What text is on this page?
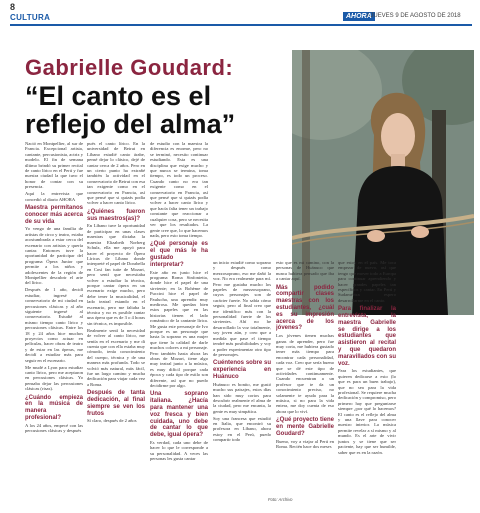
8
CULTURA	AHORA
/ JUEVES 9 DE AGOSTO DE 2018
Gabrielle Goudard:
“El canto es el reflejo del alma”

Nació en Montpellier, al sur de Francia. Excepcional artista, cantante, percusionista, actriz y modelo. El fin de semana último brindó su primer recital de canto lírico en el Perú y fue nuestra ciudad la que tuvo el honor de contar con su presencia.

Aquí la entrevista que concedió al diario AHORA

Maestra permítanos conocer más acerca de su vida

Yo vengo de una familia de artistas de circo y teatro, estaba acostumbrada a estar cerca del escenario con artistas y quería cantar. Entonces tuve la oportunidad de participar del programa Ópera Junior que permite a los niños y adolescentes de la región de Montpellier descubrir el arte del lírico.

Después de 1 año, decidí estudiar, ingresé al conservatorio de mi ciudad en percusiones clásicas y al año siguiente ingresé al conservatorio. Estudié al mismo tiempo canto lírico y percusiones clásicas. Entre los 18 y 24 años hice muchos proyectos como actuar en películas, hacer obras de teatro y de estar en las óperas, me decidí a estudiar más para seguir en el escenario.

Me mudé a Lyon para estudiar canto lírico, pero me aceptaron en percusiones clásicas. Yo pensaba dejar las percusiones clásicas (risas).

¿Cuándo empieza en la música de manera profesional?

A los 24 años, empecé con las percusiones clásicas y después

pués el canto lírico. En la universidad de Beirut en Líbano estudié canto árabe, pensé dejar lo clásico, dejé de cantar cerca de 2 años. Pero en un cierto punto ha extrañé también la actividad en el conservatorio de Beirut con esa tan exigente como en el conservatorio en Francia, así que pensé que si quizás podía volver a hacer canto lírico.

¿Quiénes fueron sus maestros(as)?

En Líbano tuve la oportunidad de participar en unas clases maestras que dictaba la maestra Elizabeth Norberg Schulz, ella me apoyó para hacer el proyecto de Ópera Líricas de Líbano donde interpreté el papel de Dorabella en Così fan tutte de Mozart, pero sentí que necesitaba volver a estudiar la técnica, porque cantar ópera en un escenario exige mucho, pero debe tener la musicalidad, el lado teatral estando en el escenario, pero me faltaba la técnica y no es posible cantar una ópera que es de 3 o 4 horas sin técnica, es imposible.

Realmente sentí la necesidad de volver al canto lírico, me sentía en el escenario y me di cuenta que con ella estaba muy cómodo, tenía conocimiento del cuerpo, técnica y de una manera más profunda. Todo se volvió más natural, más fácil, fue un largo camino y mucha dedicación para viajar cada vez a Roma.

Después de tanta dedicación, al final siempre se ven los frutos

Sí claro, después de 2 años

de estudio con la maestra la diferencia es enorme, pero no se terminó, necesito continuar estudiando. Esta es una disciplina que exige mucho y que nunca se termina, toma tiempo, es todo un proceso. Cuando canto no era tan exigente como en el conservatorio en Francia, así que pensé que si quizás podía volver a hacer canto lírico y que hacía falta tener un trabajo constante que reaccionar a cualquier cosa, pero se necesita ver que los resultados. La gente cree que, lo que hacemos nada, pero esto toma tiempo.

¿Qué personaje es el que más le ha gustado interpretar?

Este año en junio hice el programa Roma Sinfonietta, donde hice el papel de una sirviente; en la Bohème de Puccini hice el papel de Paulucha, una aprendiz muy medirosa. Me quedan bien estos papeles que en las historias tienen el lado romántico de la cantante lírica. Me gusta este personaje de Ivo porque es un personaje que hasta la soprano es una mujer que tiene la calidad de darle muchos colores a mi personaje. Pero también hasta ahora las obras de Mozart, tiene algo muy teatral junto a la música, es muy difícil porque cada época y cada tipo de estilo son diferente, así que no puedo decidirme por algo.

Una soprano italiana. ¿Hacía para mantener una voz fresca y bien cuidada, uno debe de cantar lo que debe, igual ópera?

Es verdad, cada uno debe de hacer lo que le corresponde a su personalidad. A veces las personas les gusta cantar

un inicio estudié como soprano y después como mezzosoprano, eso me dañó la voz. No era realmente para mí. Pero me gustaba mucho los papeles de mezzosoprano, cuyos personajes son de carácter fuerte. No sabía cómo seguir, pero al final creo que me identifico más con la personalidad fuerte de los sirvientes. Ahí no he desarrollado la voz totalmente, soy joven aún, y creo que a medida que pase el tiempo tendré más posibilidades y voy a poder experimentar otro tipo de personajes.

Cuéntenos sobre su experiencia en Huánuco

Huánuco es bonito, me gustó mucho sus paisajes, estos días han sido muy cortos para descubrir realmente el alma de la ciudad, pero me encanta, la gente es muy simpática.

Soy una francesa que estudió en Italia, que encontró su profesora en Líbano, ahora estoy en el Perú, puedo compartir todo

esto que es mi camino, con la personas de Huánuco que nunca hubiera pensado que iba a cantar aquí.

Más podido compartir clases maestras con los estudiantes, ¿cuál es su impresión acerca de los jóvenes?

Los jóvenes tienen muchas ganas de aprender, pero fue muy corta, me hubiera gustado tener más tiempo para encontrar cada personalidad, cada voz. Creo que sería bueno que se dé este tipo de actividades continuamente. Cuando encuentran a un profesor que te da un conocimiento preciso, no solamente te ayuda para la música, si no para la vida entera, me doy cuenta de eso ahora que lo viví.

¿Qué proyecto tiene en mente Gabrielle Goudard?

Bueno, voy a viajar al Perú en Roma. Recién hace dos meses

que estoy en el país. Me toca empezar de nuevo, así que tengo que mover todo a Europa para continuar aprendiendo y hacer grandes papeles tan específicos y cantar. En Perú y Sudamérica espero desarrollarme en el canto.

Para finalizar la entrevista, la maestra Gabrielle se dirige a los estudiantes que asistieron al recital y que quedaron maravillados con su voz.

Para los estudiantes, que quieren dedicarse a esto (lo que es para un buen trabajo), que no sea para la vida profesional. Se requiere mucha dedicación y compromiso, pero primero hay que preguntarse siempre ¿por qué lo hacemos? El canto es el reflejo del alma y una llave para conocer nuestro interior. La música permite revelar a sí mismo y al mundo. Es el arte de vivir juntos y se tiene que ser paciente, hay que ser humilde, saber que es en la razón.

Foto: Archivo
